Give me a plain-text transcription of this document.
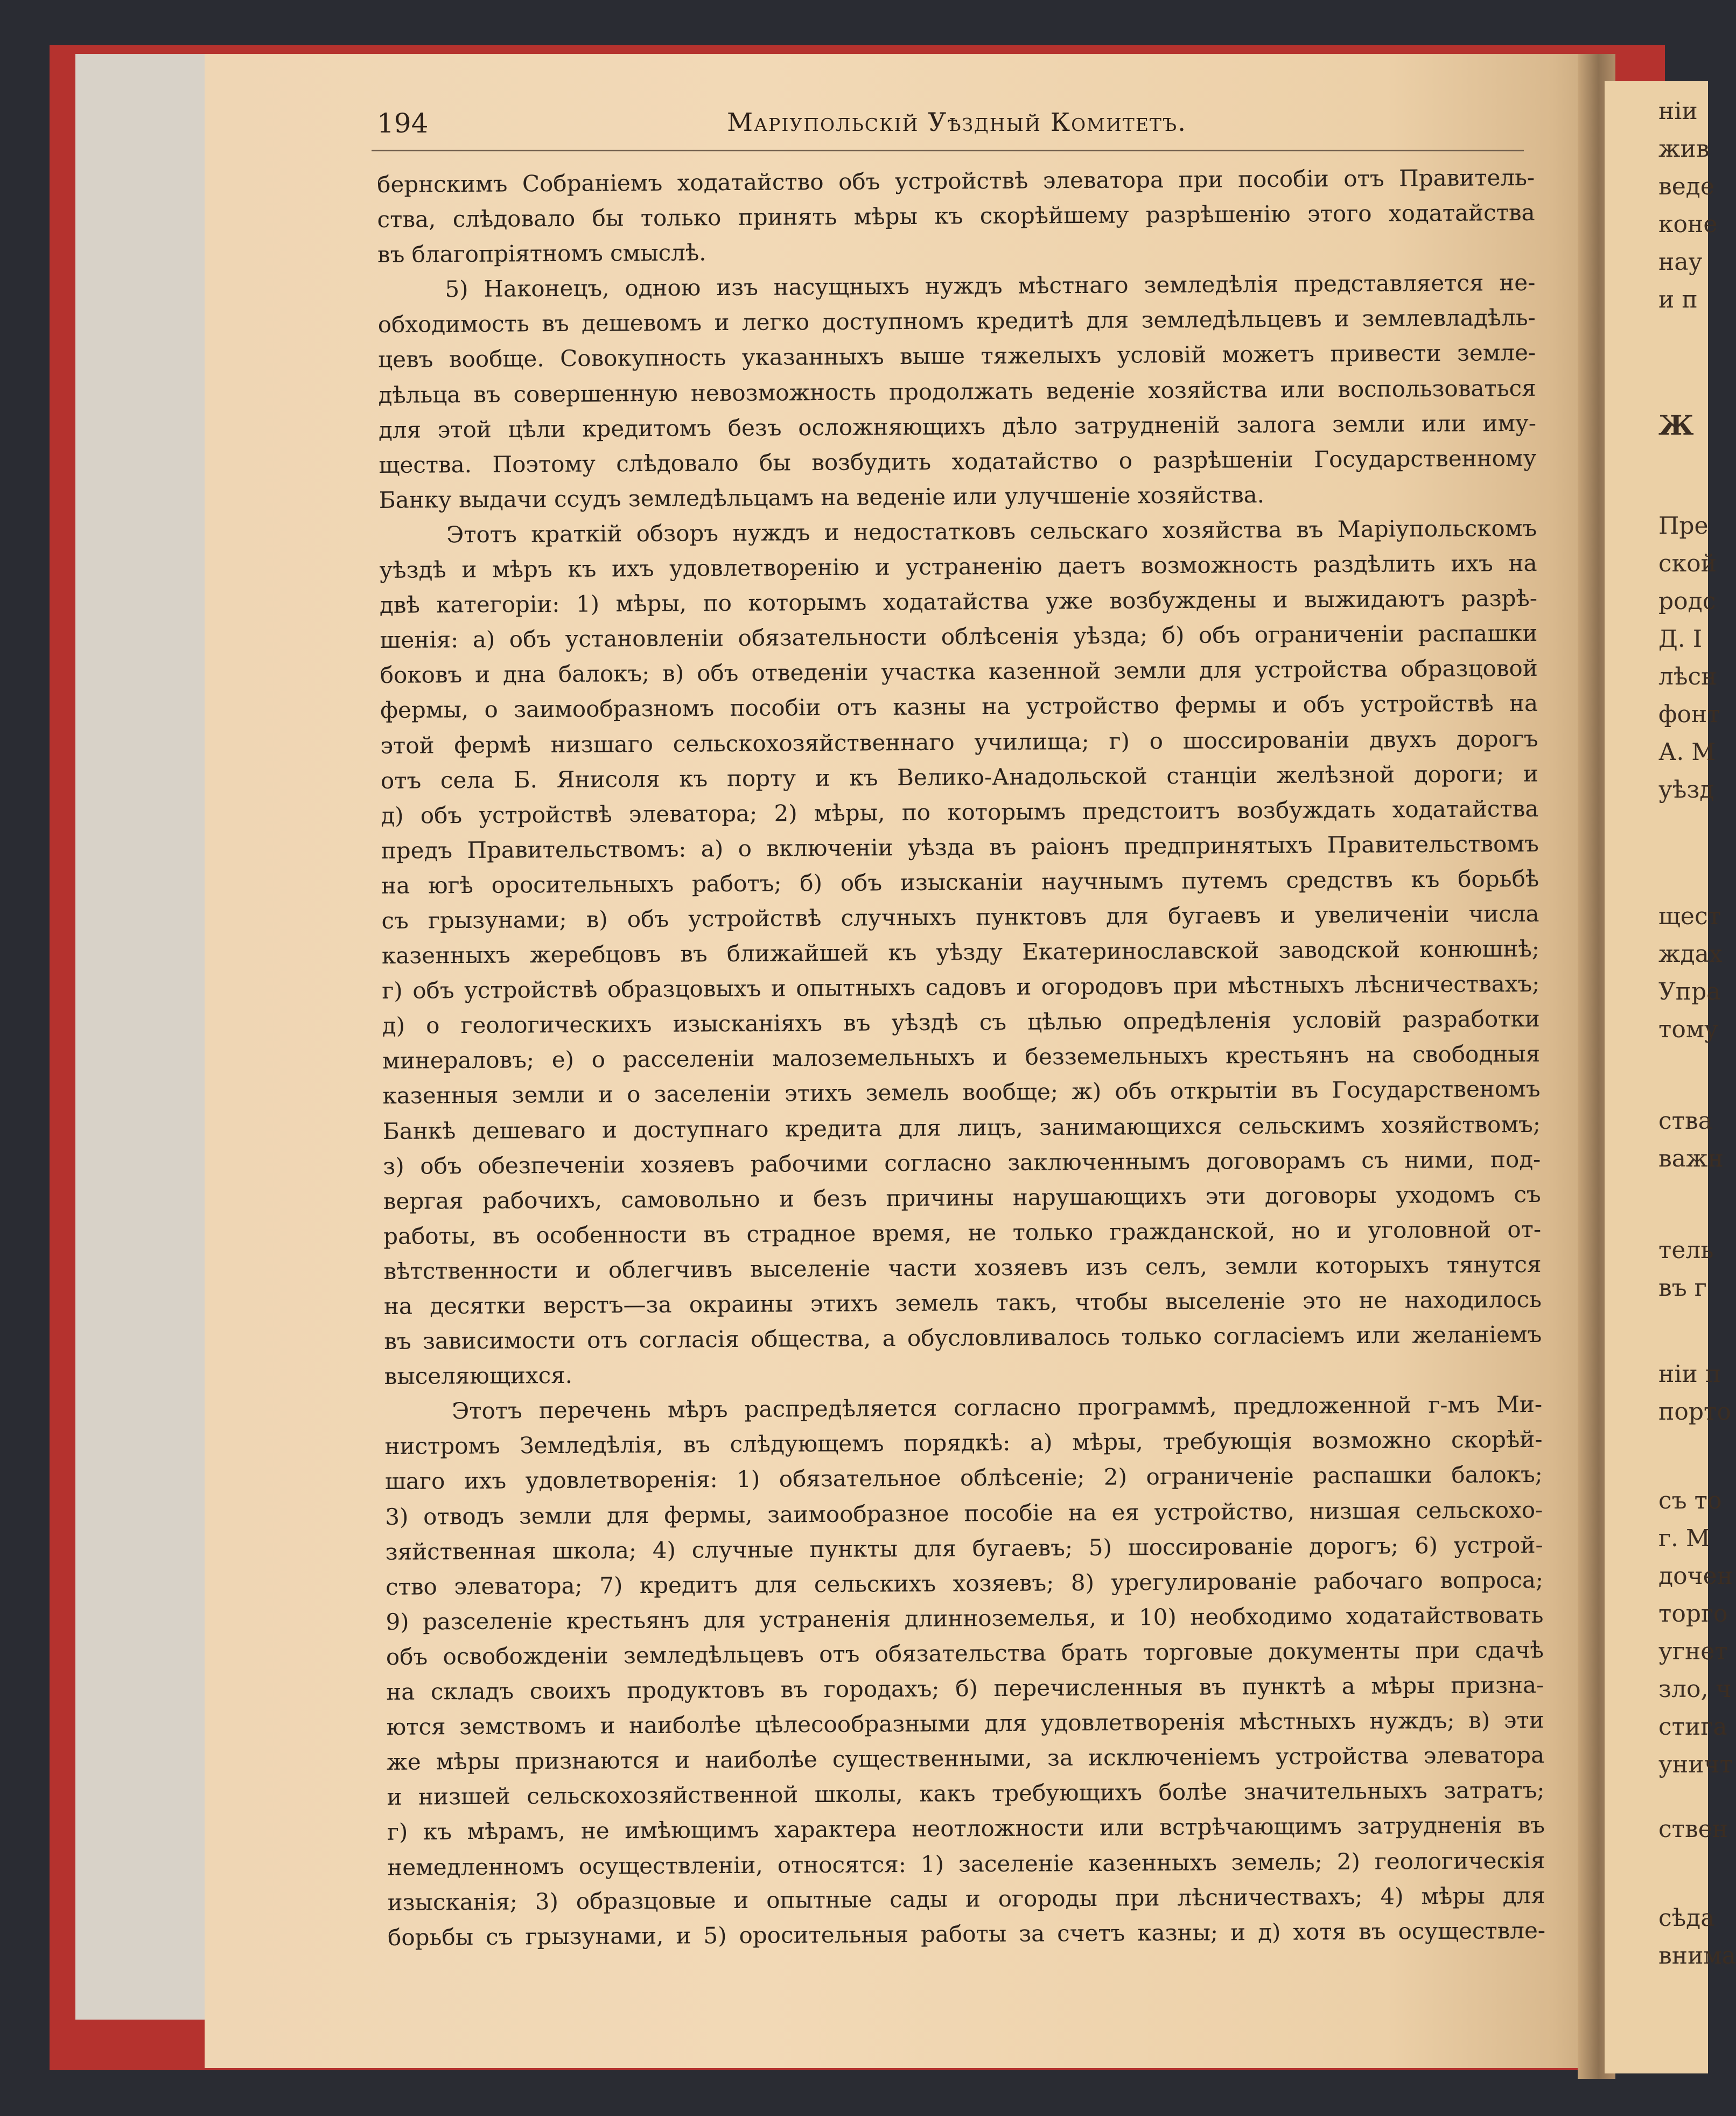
ніи
жив
веде
коне
нау
и п
Ж
Пре
ской
родс
Д. І
лѣсн
фонт
А. М
уѣзд
щест
ждах
Упра
тому
ства
важн
тель
въ г
ніи п
порто
съ то
г. М
дочен
торго
угнет
зло, ч
стига
уничт
ствен
сѣда
внима
194	Маріупольскій Уѣздный Комитетъ.
бернскимъ Собраніемъ ходатайство объ устройствѣ элеватора при пособіи отъ Правитель-
ства, слѣдовало бы только принять мѣры къ скорѣйшему разрѣшенію этого ходатайства
въ благопріятномъ смыслѣ.
5) Наконецъ, одною изъ насущныхъ нуждъ мѣстнаго земледѣлія представляется не-
обходимость въ дешевомъ и легко доступномъ кредитѣ для земледѣльцевъ и землевладѣль-
цевъ вообще. Совокупность указанныхъ выше тяжелыхъ условій можетъ привести земле-
дѣльца въ совершенную невозможность продолжать веденіе хозяйства или воспользоваться
для этой цѣли кредитомъ безъ осложняющихъ дѣло затрудненій залога земли или иму-
щества. Поэтому слѣдовало бы возбудить ходатайство о разрѣшеніи Государственному
Банку выдачи ссудъ земледѣльцамъ на веденіе или улучшеніе хозяйства.
Этотъ краткій обзоръ нуждъ и недостатковъ сельскаго хозяйства въ Маріупольскомъ
уѣздѣ и мѣръ къ ихъ удовлетворенію и устраненію даетъ возможность раздѣлить ихъ на
двѣ категоріи: 1) мѣры, по которымъ ходатайства уже возбуждены и выжидаютъ разрѣ-
шенія: а) объ установленіи обязательности облѣсенія уѣзда; б) объ ограниченіи распашки
боковъ и дна балокъ; в) объ отведеніи участка казенной земли для устройства образцовой
фермы, о заимообразномъ пособіи отъ казны на устройство фермы и объ устройствѣ на
этой фермѣ низшаго сельскохозяйственнаго училища; г) о шоссированіи двухъ дорогъ
отъ села Б. Янисоля къ порту и къ Велико-Анадольской станціи желѣзной дороги; и
д) объ устройствѣ элеватора; 2) мѣры, по которымъ предстоитъ возбуждать ходатайства
предъ Правительствомъ: а) о включеніи уѣзда въ раіонъ предпринятыхъ Правительствомъ
на югѣ оросительныхъ работъ; б) объ изысканіи научнымъ путемъ средствъ къ борьбѣ
съ грызунами; в) объ устройствѣ случныхъ пунктовъ для бугаевъ и увеличеніи числа
казенныхъ жеребцовъ въ ближайшей къ уѣзду Екатеринославской заводской конюшнѣ;
г) объ устройствѣ образцовыхъ и опытныхъ садовъ и огородовъ при мѣстныхъ лѣсничествахъ;
д) о геологическихъ изысканіяхъ въ уѣздѣ съ цѣлью опредѣленія условій разработки
минераловъ; е) о расселеніи малоземельныхъ и безземельныхъ крестьянъ на свободныя
казенныя земли и о заселеніи этихъ земель вообще; ж) объ открытіи въ Государственомъ
Банкѣ дешеваго и доступнаго кредита для лицъ, занимающихся сельскимъ хозяйствомъ;
з) объ обезпеченіи хозяевъ рабочими согласно заключеннымъ договорамъ съ ними, под-
вергая рабочихъ, самовольно и безъ причины нарушающихъ эти договоры уходомъ съ
работы, въ особенности въ страдное время, не только гражданской, но и уголовной от-
вѣтственности и облегчивъ выселеніе части хозяевъ изъ селъ, земли которыхъ тянутся
на десятки верстъ—за окраины этихъ земель такъ, чтобы выселеніе это не находилось
въ зависимости отъ согласія общества, а обусловливалось только согласіемъ или желаніемъ
выселяющихся.
Этотъ перечень мѣръ распредѣляется согласно программѣ, предложенной г-мъ Ми-
нистромъ Земледѣлія, въ слѣдующемъ порядкѣ: а) мѣры, требующія возможно скорѣй-
шаго ихъ удовлетворенія: 1) обязательное облѣсеніе; 2) ограниченіе распашки балокъ;
3) отводъ земли для фермы, заимообразное пособіе на ея устройство, низшая сельскохо-
зяйственная школа; 4) случные пункты для бугаевъ; 5) шоссированіе дорогъ; 6) устрой-
ство элеватора; 7) кредитъ для сельскихъ хозяевъ; 8) урегулированіе рабочаго вопроса;
9) разселеніе крестьянъ для устраненія длинноземелья, и 10) необходимо ходатайствовать
объ освобожденіи земледѣльцевъ отъ обязательства брать торговые документы при сдачѣ
на складъ своихъ продуктовъ въ городахъ; б) перечисленныя въ пунктѣ а мѣры призна-
ются земствомъ и наиболѣе цѣлесообразными для удовлетворенія мѣстныхъ нуждъ; в) эти
же мѣры признаются и наиболѣе существенными, за исключеніемъ устройства элеватора
и низшей сельскохозяйственной школы, какъ требующихъ болѣе значительныхъ затратъ;
г) къ мѣрамъ, не имѣющимъ характера неотложности или встрѣчающимъ затрудненія въ
немедленномъ осуществленіи, относятся: 1) заселеніе казенныхъ земель; 2) геологическія
изысканія; 3) образцовые и опытные сады и огороды при лѣсничествахъ; 4) мѣры для
борьбы съ грызунами, и 5) оросительныя работы за счетъ казны; и д) хотя въ осуществле-
